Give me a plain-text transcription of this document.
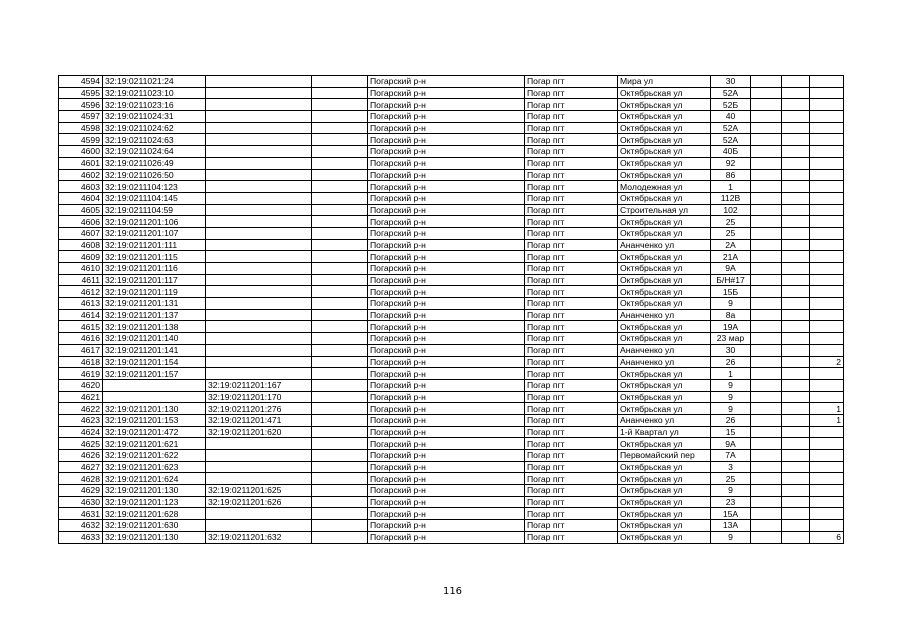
4594	32:19:0211021:24			Погарский р-н	Погар пгт	Мира ул	30			
4595	32:19:0211023:10			Погарский р-н	Погар пгт	Октябрьская ул	52А			
4596	32:19:0211023:16			Погарский р-н	Погар пгт	Октябрьская ул	52Б			
4597	32:19:0211024:31			Погарский р-н	Погар пгт	Октябрьская ул	40			
4598	32:19:0211024:62			Погарский р-н	Погар пгт	Октябрьская ул	52А			
4599	32:19:0211024:63			Погарский р-н	Погар пгт	Октябрьская ул	52А			
4600	32:19:0211024:64			Погарский р-н	Погар пгт	Октябрьская ул	40Б			
4601	32:19:0211026:49			Погарский р-н	Погар пгт	Октябрьская ул	92			
4602	32:19:0211026:50			Погарский р-н	Погар пгт	Октябрьская ул	86			
4603	32:19:0211104:123			Погарский р-н	Погар пгт	Молодежная ул	1			
4604	32:19:0211104:145			Погарский р-н	Погар пгт	Октябрьская ул	112В			
4605	32:19:0211104:59			Погарский р-н	Погар пгт	Строительная ул	102			
4606	32:19:0211201:106			Погарский р-н	Погар пгт	Октябрьская ул	25			
4607	32:19:0211201:107			Погарский р-н	Погар пгт	Октябрьская ул	25			
4608	32:19:0211201:111			Погарский р-н	Погар пгт	Ананченко ул	2А			
4609	32:19:0211201:115			Погарский р-н	Погар пгт	Октябрьская ул	21А			
4610	32:19:0211201:116			Погарский р-н	Погар пгт	Октябрьская ул	9А			
4611	32:19:0211201:117			Погарский р-н	Погар пгт	Октябрьская ул	Б/Н#17			
4612	32:19:0211201:119			Погарский р-н	Погар пгт	Октябрьская ул	15Б			
4613	32:19:0211201:131			Погарский р-н	Погар пгт	Октябрьская ул	9			
4614	32:19:0211201:137			Погарский р-н	Погар пгт	Ананченко ул	8а			
4615	32:19:0211201:138			Погарский р-н	Погар пгт	Октябрьская ул	19А			
4616	32:19:0211201:140			Погарский р-н	Погар пгт	Октябрьская ул	23 мар			
4617	32:19:0211201:141			Погарский р-н	Погар пгт	Ананченко ул	30			
4618	32:19:0211201:154			Погарский р-н	Погар пгт	Ананченко ул	26			2
4619	32:19:0211201:157			Погарский р-н	Погар пгт	Октябрьская ул	1			
4620		32:19:0211201:167		Погарский р-н	Погар пгт	Октябрьская ул	9			
4621		32:19:0211201:170		Погарский р-н	Погар пгт	Октябрьская ул	9			
4622	32:19:0211201:130	32:19:0211201:276		Погарский р-н	Погар пгт	Октябрьская ул	9			1
4623	32:19:0211201:153	32:19:0211201:471		Погарский р-н	Погар пгт	Ананченко ул	26			1
4624	32:19:0211201:472	32:19:0211201:620		Погарский р-н	Погар пгт	1-й Квартал ул	15			
4625	32:19:0211201:621			Погарский р-н	Погар пгт	Октябрьская ул	9А			
4626	32:19:0211201:622			Погарский р-н	Погар пгт	Первомайский пер	7А			
4627	32:19:0211201:623			Погарский р-н	Погар пгт	Октябрьская ул	3			
4628	32:19:0211201:624			Погарский р-н	Погар пгт	Октябрьская ул	25			
4629	32:19:0211201:130	32:19:0211201:625		Погарский р-н	Погар пгт	Октябрьская ул	9			
4630	32:19:0211201:123	32:19:0211201:626		Погарский р-н	Погар пгт	Октябрьская ул	23			
4631	32:19:0211201:628			Погарский р-н	Погар пгт	Октябрьская ул	15А			
4632	32:19:0211201:630			Погарский р-н	Погар пгт	Октябрьская ул	13А			
4633	32:19:0211201:130	32:19:0211201:632		Погарский р-н	Погар пгт	Октябрьская ул	9			6
116
